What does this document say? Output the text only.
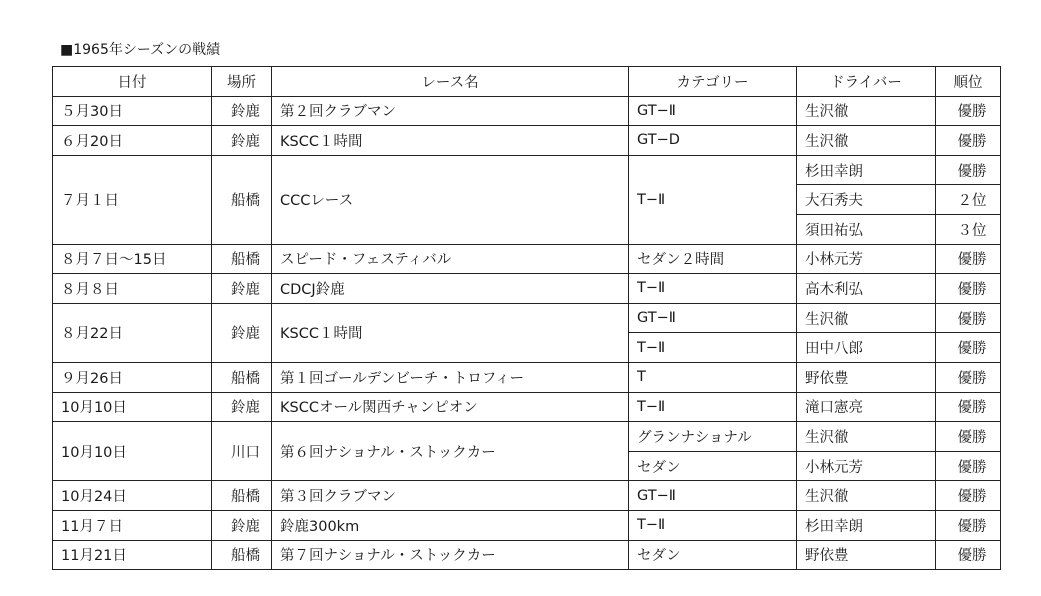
■1965年シーズンの戦績
日付	場所	レース名	カテゴリー	ドライバー	順位
５月30日	鈴鹿	第２回クラブマン	GT−Ⅱ	生沢徹	優勝
６月20日	鈴鹿	KSCC１時間	GT−D	生沢徹	優勝
７月１日	船橋	CCCレース	T−Ⅱ	杉田幸朗	優勝
				大石秀夫	２位
				須田祐弘	３位
８月７日〜15日	船橋	スピード・フェスティバル	セダン２時間	小林元芳	優勝
８月８日	鈴鹿	CDCJ鈴鹿	T−Ⅱ	高木利弘	優勝
８月22日	鈴鹿	KSCC１時間	GT−Ⅱ	生沢徹	優勝
			T−Ⅱ	田中八郎	優勝
９月26日	船橋	第１回ゴールデンビーチ・トロフィー	T	野依豊	優勝
10月10日	鈴鹿	KSCCオール関西チャンピオン	T−Ⅱ	滝口憲亮	優勝
10月10日	川口	第６回ナショナル・ストックカー	グランナショナル	生沢徹	優勝
			セダン	小林元芳	優勝
10月24日	船橋	第３回クラブマン	GT−Ⅱ	生沢徹	優勝
11月７日	鈴鹿	鈴鹿300km	T−Ⅱ	杉田幸朗	優勝
11月21日	船橋	第７回ナショナル・ストックカー	セダン	野依豊	優勝
